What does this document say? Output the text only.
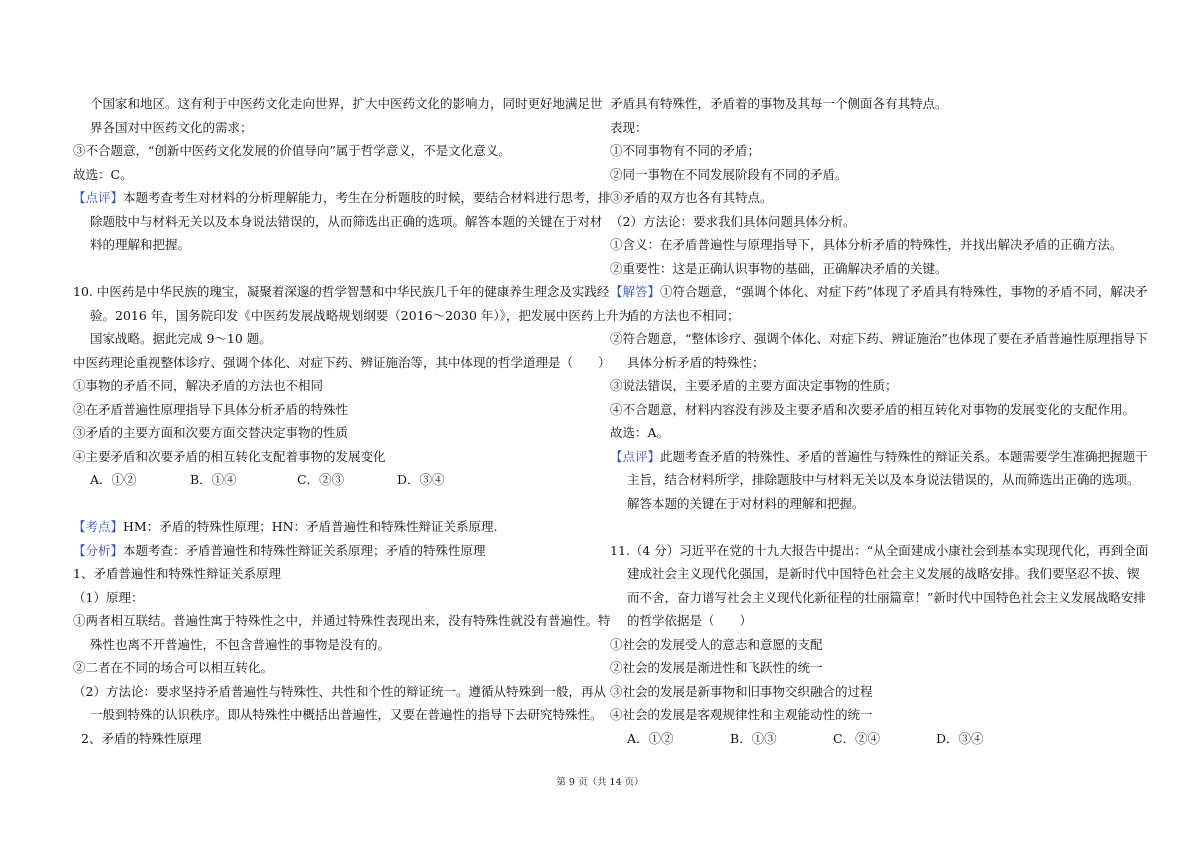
个国家和地区。这有利于中医药文化走向世界，扩大中医药文化的影响力，同时更好地满足世
界各国对中医药文化的需求；
③不合题意，“创新中医药文化发展的价值导向”属于哲学意义，不是文化意义。
故选：C。
【点评】本题考查考生对材料的分析理解能力，考生在分析题肢的时候，要结合材料进行思考，排
除题肢中与材料无关以及本身说法错误的，从而筛选出正确的选项。解答本题的关键在于对材
料的理解和把握。
10. 中医药是中华民族的瑰宝，凝聚着深邃的哲学智慧和中华民族几千年的健康养生理念及实践经
验。2016 年，国务院印发《中医药发展战略规划纲要（2016～2030 年）》，把发展中医药上升为
国家战略。据此完成 9～10 题。
中医药理论重视整体诊疗、强调个体化、对症下药、辨证施治等，其中体现的哲学道理是（　　）
①事物的矛盾不同，解决矛盾的方法也不相同
②在矛盾普遍性原理指导下具体分析矛盾的特殊性
③矛盾的主要方面和次要方面交替决定事物的性质
④主要矛盾和次要矛盾的相互转化支配着事物的发展变化
A．①②	B．①④	C．②③	D．③④
【考点】HM：矛盾的特殊性原理；HN：矛盾普遍性和特殊性辩证关系原理.
【分析】本题考查：矛盾普遍性和特殊性辩证关系原理；矛盾的特殊性原理
1、矛盾普遍性和特殊性辩证关系原理
（1）原理：
①两者相互联结。普遍性寓于特殊性之中，并通过特殊性表现出来，没有特殊性就没有普遍性。特
殊性也离不开普遍性，不包含普遍性的事物是没有的。
②二者在不同的场合可以相互转化。
（2）方法论：要求坚持矛盾普遍性与特殊性、共性和个性的辩证统一。遵循从特殊到一般，再从
一般到特殊的认识秩序。即从特殊性中概括出普遍性，又要在普遍性的指导下去研究特殊性。
2、矛盾的特殊性原理
矛盾具有特殊性，矛盾着的事物及其每一个侧面各有其特点。
表现：
①不同事物有不同的矛盾；
②同一事物在不同发展阶段有不同的矛盾。
③矛盾的双方也各有其特点。
（2）方法论：要求我们具体问题具体分析。
①含义：在矛盾普遍性与原理指导下，具体分析矛盾的特殊性，并找出解决矛盾的正确方法。
②重要性：这是正确认识事物的基础，正确解决矛盾的关键。
【解答】①符合题意，“强调个体化、对症下药”体现了矛盾具有特殊性，事物的矛盾不同，解决矛
盾的方法也不相同；
②符合题意，“整体诊疗、强调个体化、对症下药、辨证施治”也体现了要在矛盾普遍性原理指导下
具体分析矛盾的特殊性；
③说法错误，主要矛盾的主要方面决定事物的性质；
④不合题意，材料内容没有涉及主要矛盾和次要矛盾的相互转化对事物的发展变化的支配作用。
故选：A。
【点评】此题考查矛盾的特殊性、矛盾的普遍性与特殊性的辩证关系。本题需要学生准确把握题干
主旨，结合材料所学，排除题肢中与材料无关以及本身说法错误的，从而筛选出正确的选项。
解答本题的关键在于对材料的理解和把握。
11.（4 分）习近平在党的十九大报告中提出：“从全面建成小康社会到基本实现现代化，再到全面
建成社会主义现代化强国，是新时代中国特色社会主义发展的战略安排。我们要坚忍不拔、锲
而不舍，奋力谱写社会主义现代化新征程的壮丽篇章！”新时代中国特色社会主义发展战略安排
的哲学依据是（　　）
①社会的发展受人的意志和意愿的支配
②社会的发展是渐进性和飞跃性的统一
③社会的发展是新事物和旧事物交织融合的过程
④社会的发展是客观规律性和主观能动性的统一
A．①②	B．①③	C．②④	D．③④
第 9 页（共 14 页）
